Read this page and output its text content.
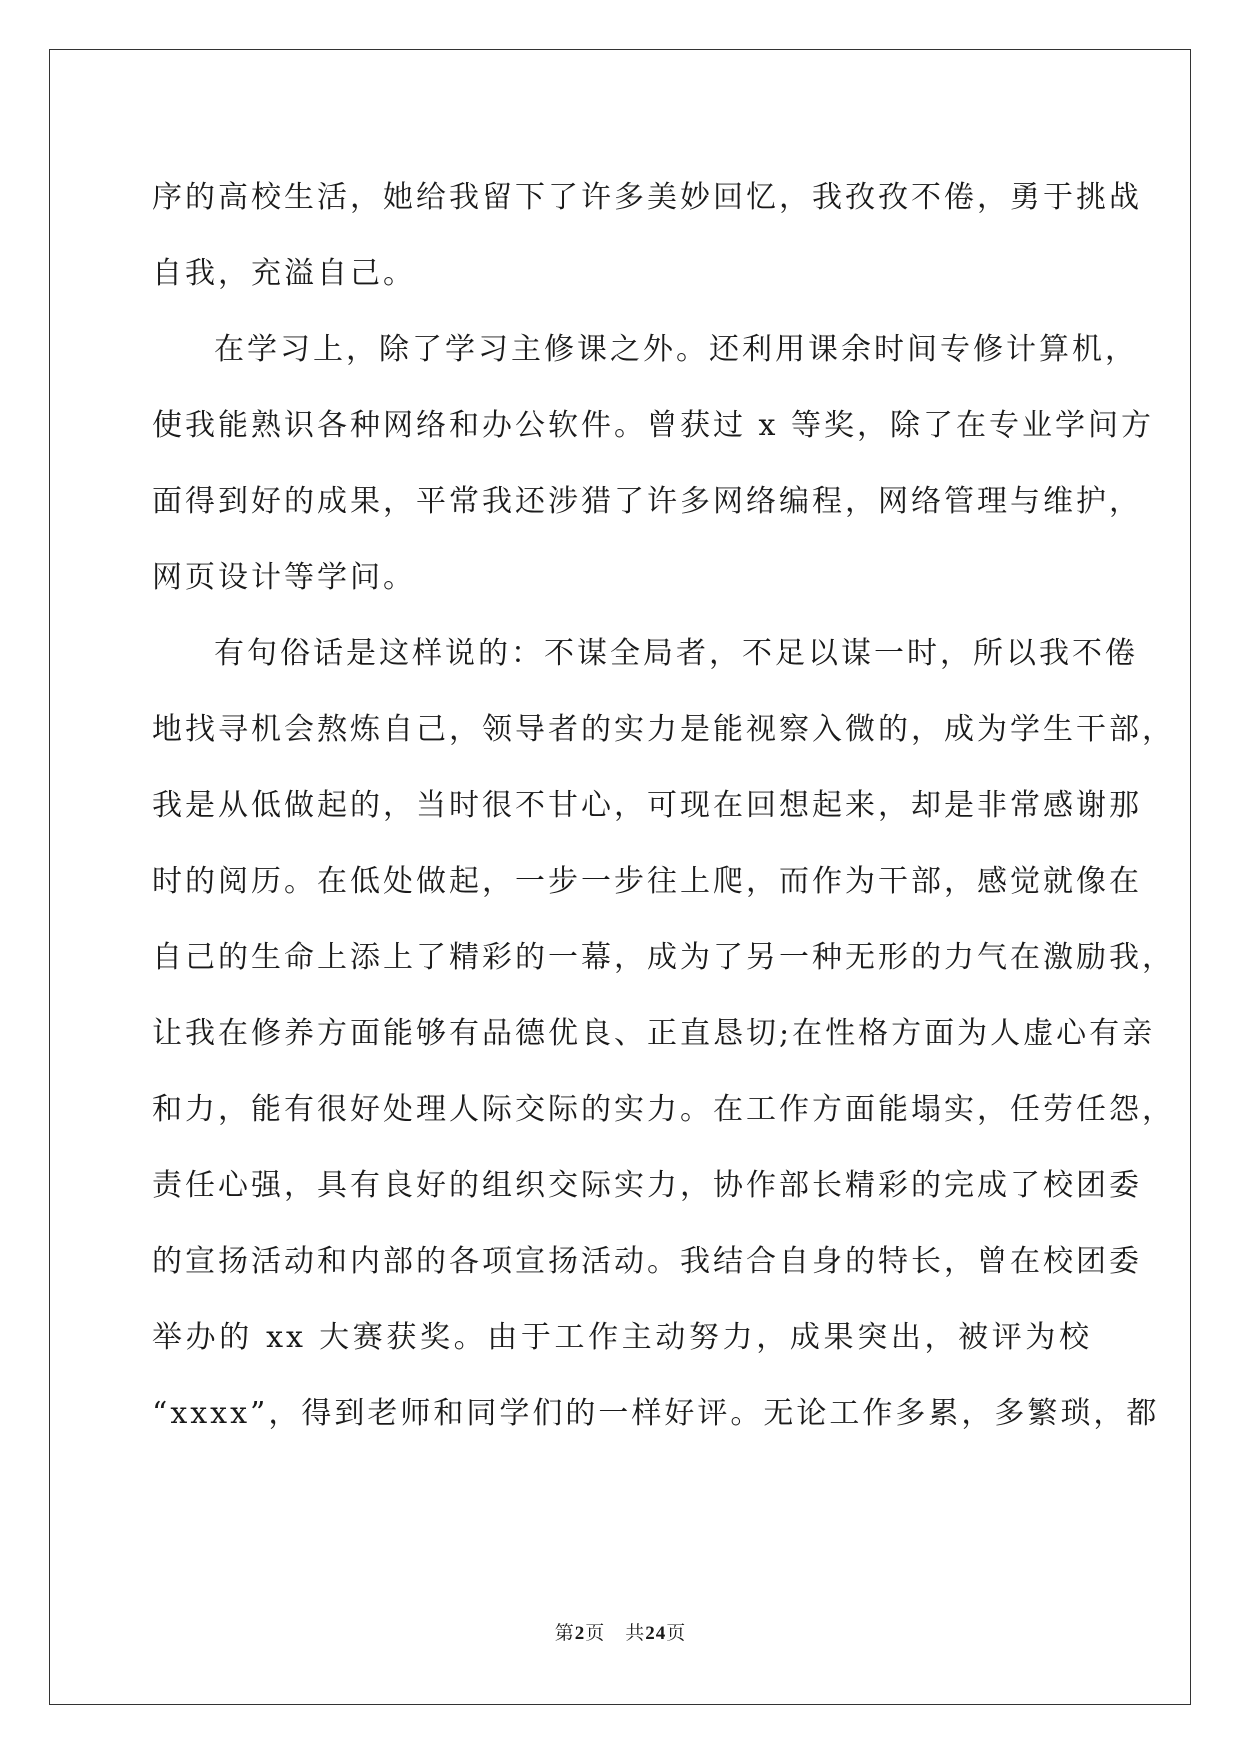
序的高校生活，她给我留下了许多美妙回忆，我孜孜不倦，勇于挑战
自我，充溢自己。
在学习上，除了学习主修课之外。还利用课余时间专修计算机，
使我能熟识各种网络和办公软件。曾获过 x 等奖，除了在专业学问方
面得到好的成果，平常我还涉猎了许多网络编程，网络管理与维护，
网页设计等学问。
有句俗话是这样说的：不谋全局者，不足以谋一时，所以我不倦
地找寻机会熬炼自己，领导者的实力是能视察入微的，成为学生干部，
我是从低做起的，当时很不甘心，可现在回想起来，却是非常感谢那
时的阅历。在低处做起，一步一步往上爬，而作为干部，感觉就像在
自己的生命上添上了精彩的一幕，成为了另一种无形的力气在激励我，
让我在修养方面能够有品德优良、正直恳切;在性格方面为人虚心有亲
和力，能有很好处理人际交际的实力。在工作方面能塌实，任劳任怨，
责任心强，具有良好的组织交际实力，协作部长精彩的完成了校团委
的宣扬活动和内部的各项宣扬活动。我结合自身的特长，曾在校团委
举办的 xx 大赛获奖。由于工作主动努力，成果突出，被评为校
“xxxx”，得到老师和同学们的一样好评。无论工作多累，多繁琐，都
第2页　共24页
